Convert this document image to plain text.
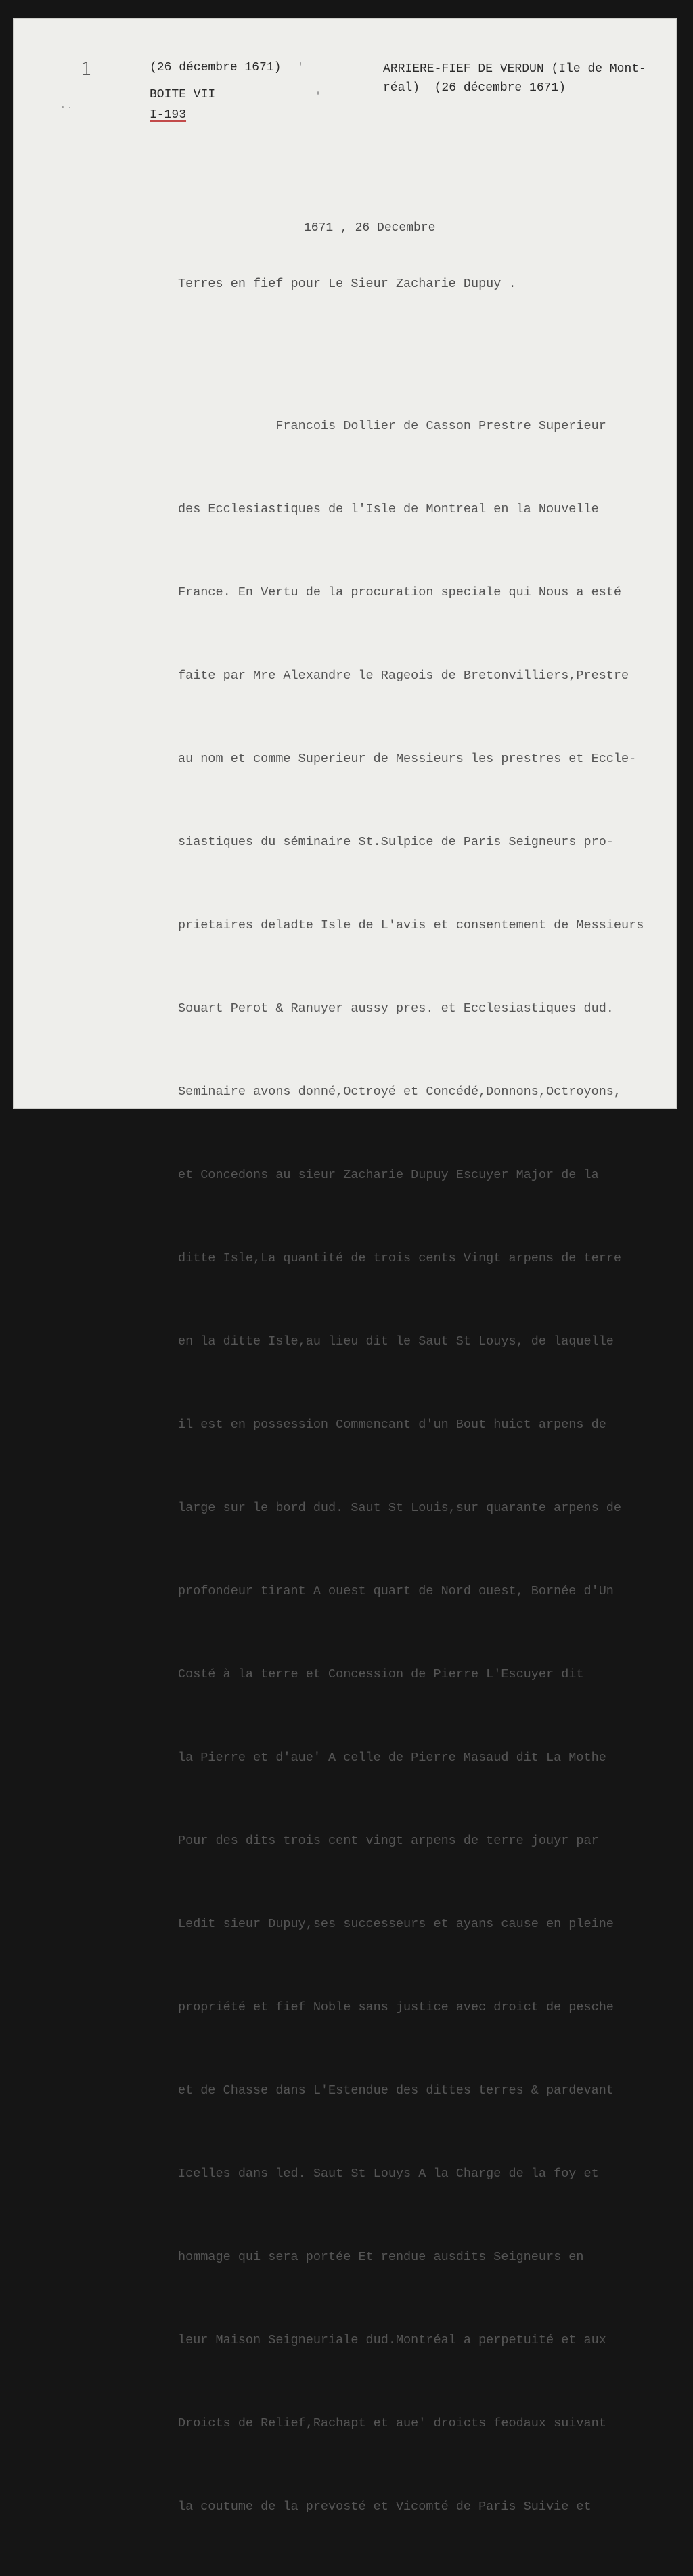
1	(26 décembre 1671)
BOITE VII
I-193
ARRIERE-FIEF DE VERDUN (Ile de Mont-
réal)  (26 décembre 1671)
1671 , 26 Decembre
Terres en fief pour Le Sieur Zacharie Dupuy .

Francois Dollier de Casson Prestre Superieur

des Ecclesiastiques de l'Isle de Montreal en la Nouvelle

France. En Vertu de la procuration speciale qui Nous a esté

faite par Mre Alexandre le Rageois de Bretonvilliers,Prestre

au nom et comme Superieur de Messieurs les prestres et Eccle-

siastiques du séminaire St.Sulpice de Paris Seigneurs pro-

prietaires deladte Isle de L'avis et consentement de Messieurs

Souart Perot & Ranuyer aussy pres. et Ecclesiastiques dud.

Seminaire avons donné,Octroyé et Concédé,Donnons,Octroyons,

et Concedons au sieur Zacharie Dupuy Escuyer Major de la

ditte Isle,La quantité de trois cents Vingt arpens de terre

en la ditte Isle,au lieu dit le Saut St Louys, de laquelle

il est en possession Commencant d'un Bout huict arpens de

large sur le bord dud. Saut St Louis,sur quarante arpens de

profondeur tirant A ouest quart de Nord ouest, Bornée d'Un

Costé à la terre et Concession de Pierre L'Escuyer dit

la Pierre et d'aue' A celle de Pierre Masaud dit La Mothe

Pour des dits trois cent vingt arpens de terre jouyr par

Ledit sieur Dupuy,ses successeurs et ayans cause en pleine

propriété et fief Noble sans justice avec droict de pesche

et de Chasse dans L'Estendue des dittes terres & pardevant

Icelles dans led. Saut St Louys A la Charge de la foy et

hommage qui sera portée Et rendue ausdits Seigneurs en

leur Maison Seigneuriale dud.Montréal a perpetuité et aux

Droicts de Relief,Rachapt et aue' droicts feodaux suivant

la coutume de la prevosté et Vicomté de Paris Suivie et
